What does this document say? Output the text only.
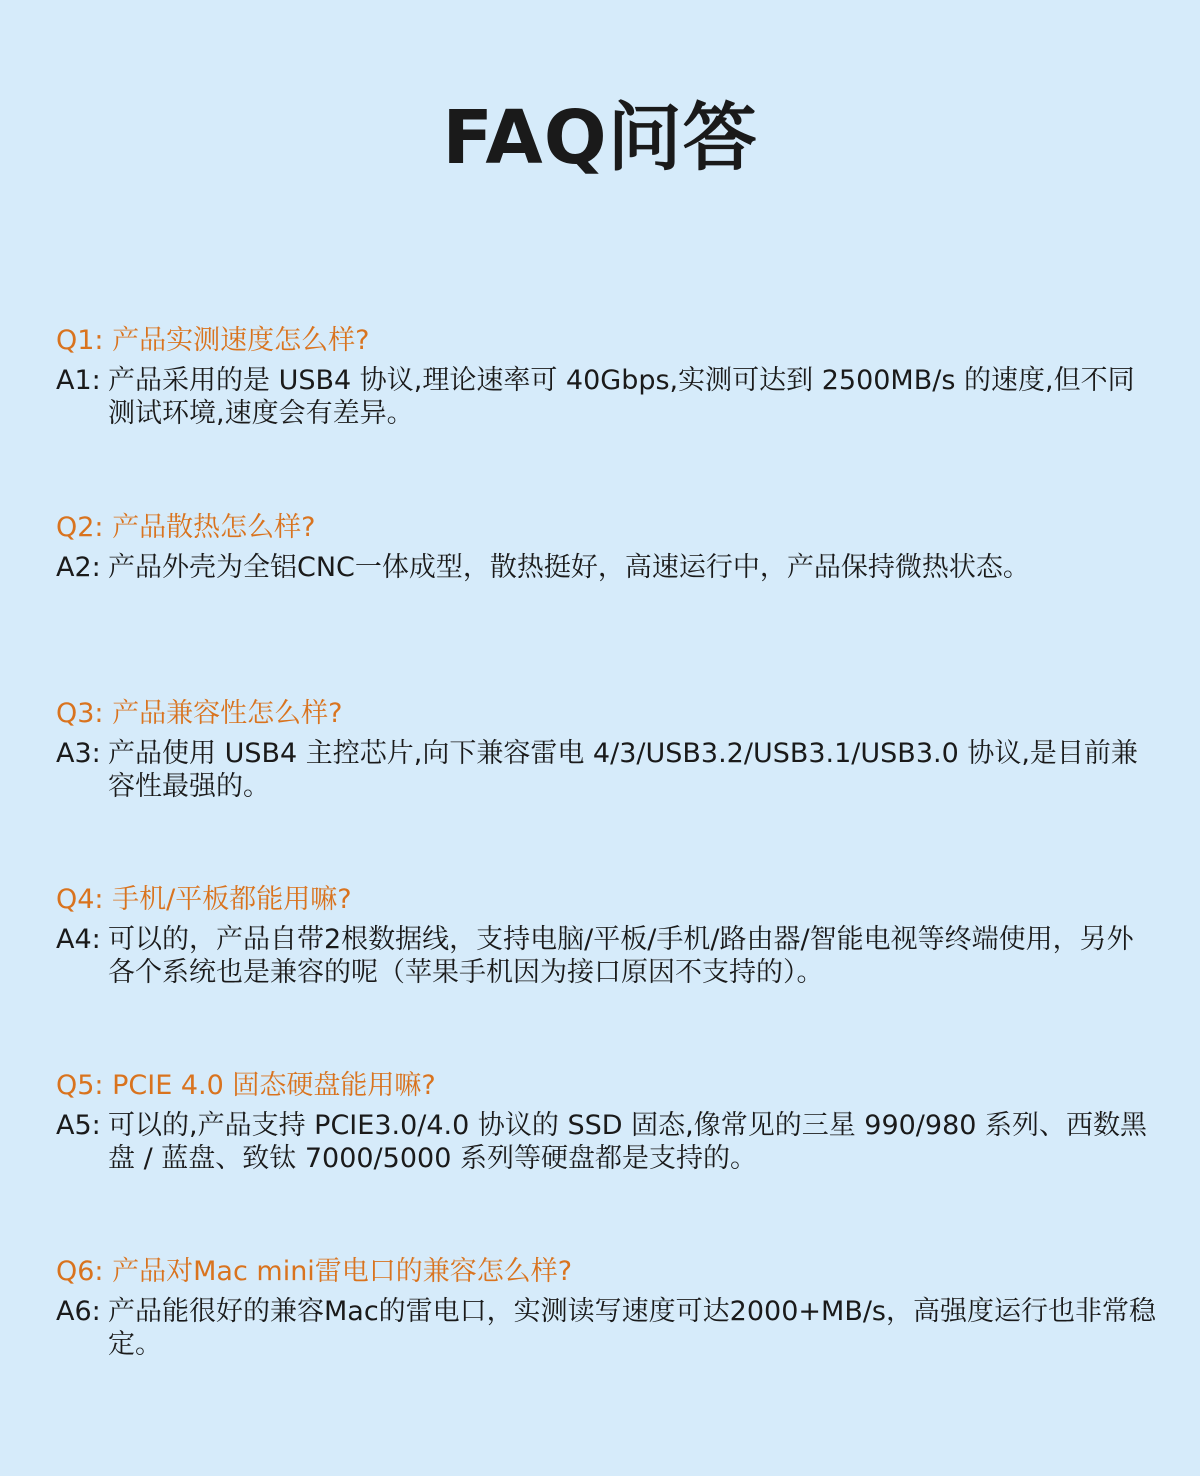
FAQ问答
Q1: 产品实测速度怎么样?
A1: 产品采用的是 USB4 协议,理论速率可 40Gbps,实测可达到 2500MB/s 的速度,但不同测试环境,速度会有差异。
Q2: 产品散热怎么样?
A2: 产品外壳为全铝CNC一体成型，散热挺好，高速运行中，产品保持微热状态。
Q3: 产品兼容性怎么样?
A3: 产品使用 USB4 主控芯片,向下兼容雷电 4/3/USB3.2/USB3.1/USB3.0 协议,是目前兼容性最强的。
Q4: 手机/平板都能用嘛?
A4: 可以的，产品自带2根数据线，支持电脑/平板/手机/路由器/智能电视等终端使用，另外各个系统也是兼容的呢（苹果手机因为接口原因不支持的）。
Q5: PCIE 4.0 固态硬盘能用嘛?
A5: 可以的,产品支持 PCIE3.0/4.0 协议的 SSD 固态,像常见的三星 990/980 系列、西数黑盘 / 蓝盘、致钛 7000/5000 系列等硬盘都是支持的。
Q6: 产品对Mac mini雷电口的兼容怎么样?
A6: 产品能很好的兼容Mac的雷电口，实测读写速度可达2000+MB/s，高强度运行也非常稳定。
